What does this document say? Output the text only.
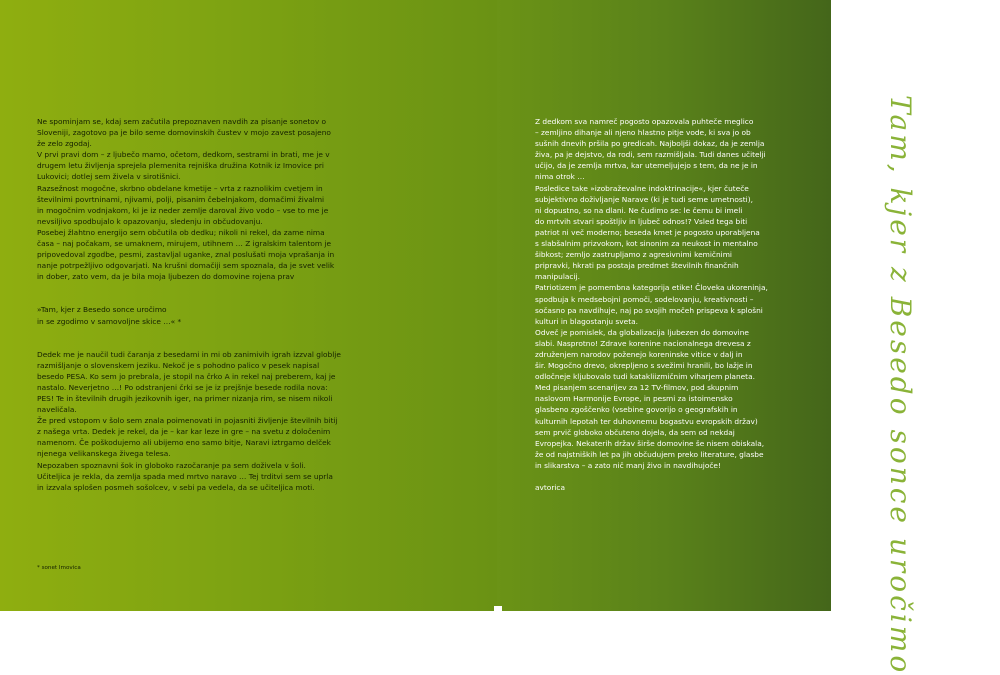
Ne spominjam se, kdaj sem začutila prepoznaven navdih za pisanje sonetov o
Sloveniji, zagotovo pa je bilo seme domovinskih čustev v mojo zavest posajeno
že zelo zgodaj.

V prvi pravi dom – z ljubečo mamo, očetom, dedkom, sestrami in brati, me je v
drugem letu življenja sprejela plemenita rejniška družina Kotnik iz Imovice pri
Lukovici; dotlej sem živela v sirotišnici.

Razsežnost mogočne, skrbno obdelane kmetije – vrta z raznolikim cvetjem in
številnimi povrtninami, njivami, polji, pisanim čebelnjakom, domačimi živalmi
in mogočnim vodnjakom, ki je iz neder zemlje daroval živo vodo – vse to me je
nevsiljivo spodbujalo k opazovanju, sledenju in občudovanju.

Posebej žlahtno energijo sem občutila ob dedku; nikoli ni rekel, da zame nima
časa – naj počakam, se umaknem, mirujem, utihnem … Z igralskim talentom je
pripovedoval zgodbe, pesmi, zastavljal uganke, znal poslušati moja vprašanja in
nanje potrpežljivo odgovarjati. Na krušni domačiji sem spoznala, da je svet velik
in dober, zato vem, da je bila moja ljubezen do domovine rojena prav

»Tam, kjer z Besedo sonce uročimo
in se zgodimo v samovoljne skice …« *

Dedek me je naučil tudi čaranja z besedami in mi ob zanimivih igrah izzval globlje
razmišljanje o slovenskem jeziku. Nekoč je s pohodno palico v pesek napisal
besedo PESA. Ko sem jo prebrala, je stopil na črko A in rekel naj preberem, kaj je
nastalo. Neverjetno …! Po odstranjeni črki se je iz prejšnje besede rodila nova:
PES! Te in številnih drugih jezikovnih iger, na primer nizanja rim, se nisem nikoli
naveličala.

Že pred vstopom v šolo sem znala poimenovati in pojasniti življenje številnih bitij
z našega vrta. Dedek je rekel, da je – kar kar leze in gre – na svetu z določenim
namenom. Če poškodujemo ali ubijemo eno samo bitje, Naravi iztrgamo delček
njenega velikanskega živega telesa.

Nepozaben spoznavni šok in globoko razočaranje pa sem doživela v šoli.
Učiteljica je rekla, da zemlja spada med mrtvo naravo … Tej trditvi sem se uprla
in izzvala splošen posmeh sošolcev, v sebi pa vedela, da se učiteljica moti.

* sonet Imovica

Z dedkom sva namreč pogosto opazovala puhteče meglico
– zemljino dihanje ali njeno hlastno pitje vode, ki sva jo ob
sušnih dnevih pršila po gredicah. Najboljši dokaz, da je zemlja
živa, pa je dejstvo, da rodi, sem razmišljala. Tudi danes učitelji
učijo, da je zemlja mrtva, kar utemeljujejo s tem, da ne je in
nima otrok …

Posledice take »izobraževalne indoktrinacije«, kjer čuteče
subjektivno doživljanje Narave (ki je tudi seme umetnosti),
ni dopustno, so na dlani. Ne čudimo se: le čemu bi imeli
do mrtvih stvari spoštljiv in ljubeč odnos!? Vsled tega biti
patriot ni več moderno; beseda kmet je pogosto uporabljena
s slabšalnim prizvokom, kot sinonim za neukost in mentalno
šibkost; zemljo zastrupljamo z agresivnimi kemičnimi
pripravki, hkrati pa postaja predmet številnih finančnih
manipulacij.

Patriotizem je pomembna kategorija etike! Človeka ukoreninja,
spodbuja k medsebojni pomoči, sodelovanju, kreativnosti –
sočasno pa navdihuje, naj po svojih močeh prispeva k splošni
kulturi in blagostanju sveta.

Odveč je pomislek, da globalizacija ljubezen do domovine
slabi. Nasprotno! Zdrave korenine nacionalnega drevesa z
združenjem narodov poženejo koreninske vitice v dalj in
šir. Mogočno drevo, okrepljeno s svežimi hranili, bo lažje in
odločneje kljubovalo tudi katakliizmičnim viharjem planeta.

Med pisanjem scenarijev za 12 TV-filmov, pod skupnim
naslovom Harmonije Evrope, in pesmi za istoimensko
glasbeno zgoščenko (vsebine govorijo o geografskih in
kulturnih lepotah ter duhovnemu bogastvu evropskih držav)
sem prvič globoko občuteno dojela, da sem od nekdaj
Evropejka. Nekaterih držav širše domovine še nisem obiskala,
že od najstniških let pa jih občudujem preko literature, glasbe
in slikarstva – a zato nič manj živo in navdihujoče!

avtorica	Tam, kjer z Besedo sonce uročimo
